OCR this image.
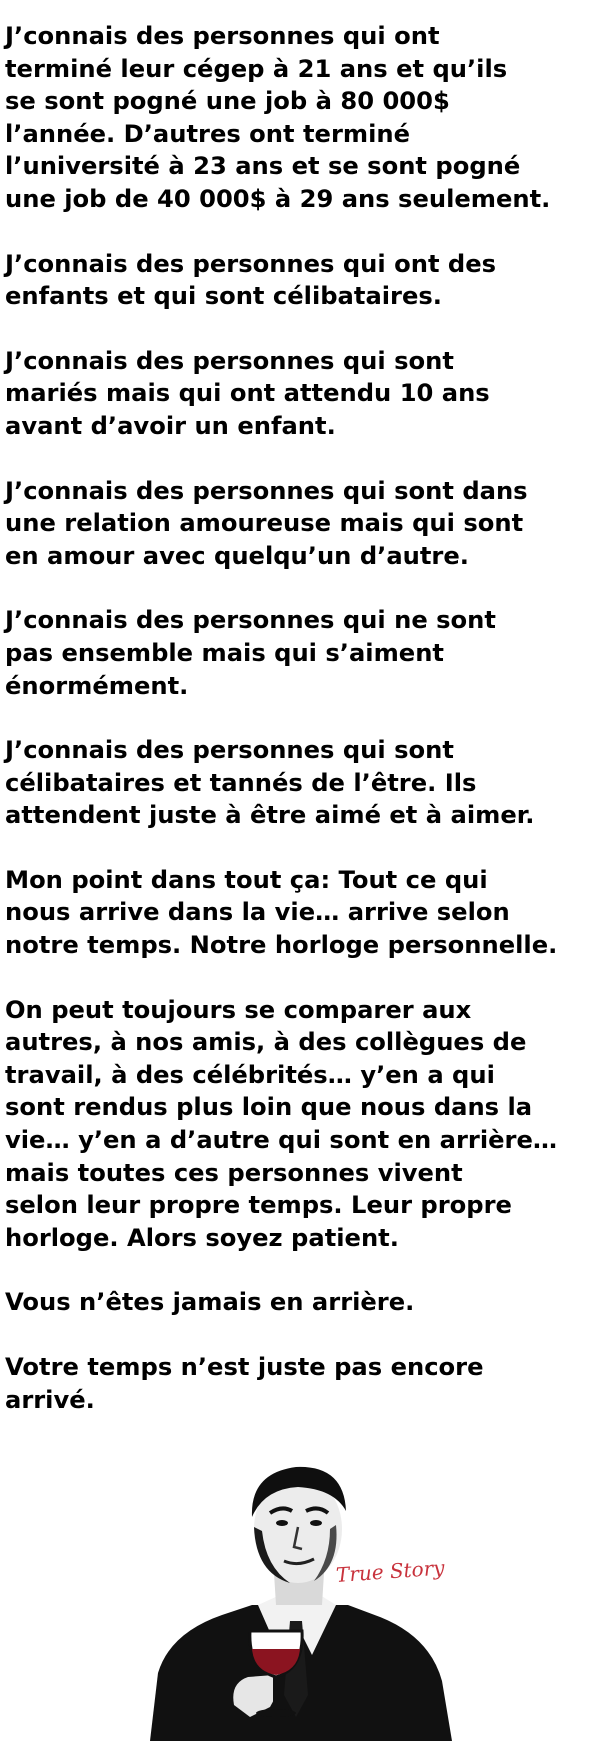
J’connais des personnes qui ont
terminé leur cégep à 21 ans et qu’ils
se sont pogné une job à 80 000$
l’année. D’autres ont terminé
l’université à 23 ans et se sont pogné
une job de 40 000$ à 29 ans seulement.

J’connais des personnes qui ont des
enfants et qui sont célibataires.

J’connais des personnes qui sont
mariés mais qui ont attendu 10 ans
avant d’avoir un enfant.

J’connais des personnes qui sont dans
une relation amoureuse mais qui sont
en amour avec quelqu’un d’autre.

J’connais des personnes qui ne sont
pas ensemble mais qui s’aiment
énormément.

J’connais des personnes qui sont
célibataires et tannés de l’être. Ils
attendent juste à être aimé et à aimer.

Mon point dans tout ça: Tout ce qui
nous arrive dans la vie… arrive selon
notre temps. Notre horloge personnelle.

On peut toujours se comparer aux
autres, à nos amis, à des collègues de
travail, à des célébrités… y’en a qui
sont rendus plus loin que nous dans la
vie… y’en a d’autre qui sont en arrière…
mais toutes ces personnes vivent
selon leur propre temps. Leur propre
horloge. Alors soyez patient.

Vous n’êtes jamais en arrière.

Votre temps n’est juste pas encore
arrivé.

True Story
